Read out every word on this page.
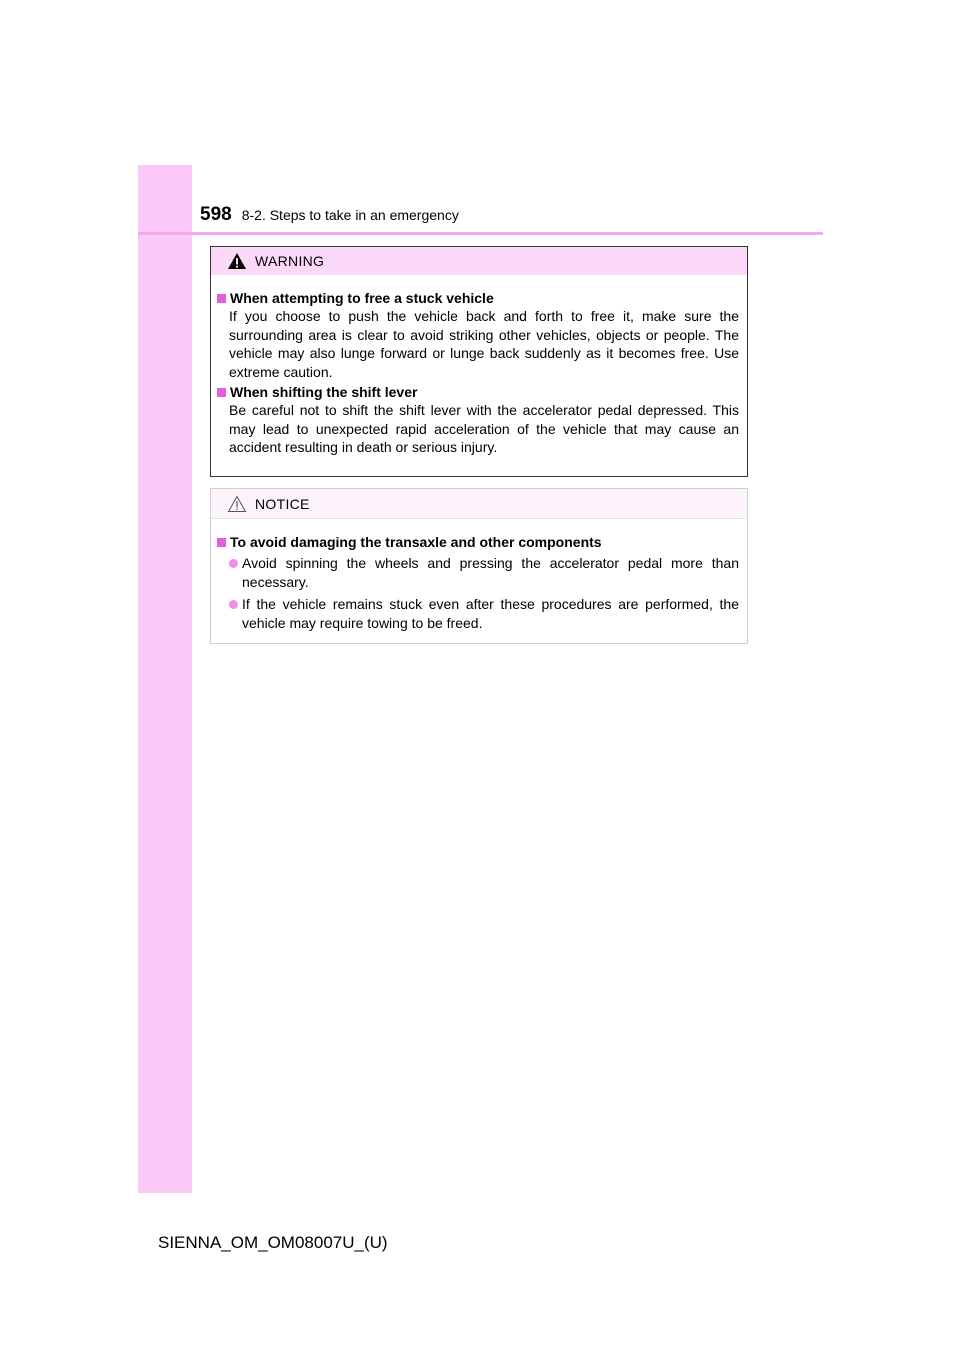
598 8-2. Steps to take in an emergency
WARNING
When attempting to free a stuck vehicle

If you choose to push the vehicle back and forth to free it, make sure the surrounding area is clear to avoid striking other vehicles, objects or people. The vehicle may also lunge forward or lunge back suddenly as it becomes free. Use extreme caution.

When shifting the shift lever

Be careful not to shift the shift lever with the accelerator pedal depressed. This may lead to unexpected rapid acceleration of the vehicle that may cause an accident resulting in death or serious injury.

NOTICE
To avoid damaging the transaxle and other components
Avoid spinning the wheels and pressing the accelerator pedal more than necessary.
If the vehicle remains stuck even after these procedures are performed, the vehicle may require towing to be freed.
SIENNA_OM_OM08007U_(U)
